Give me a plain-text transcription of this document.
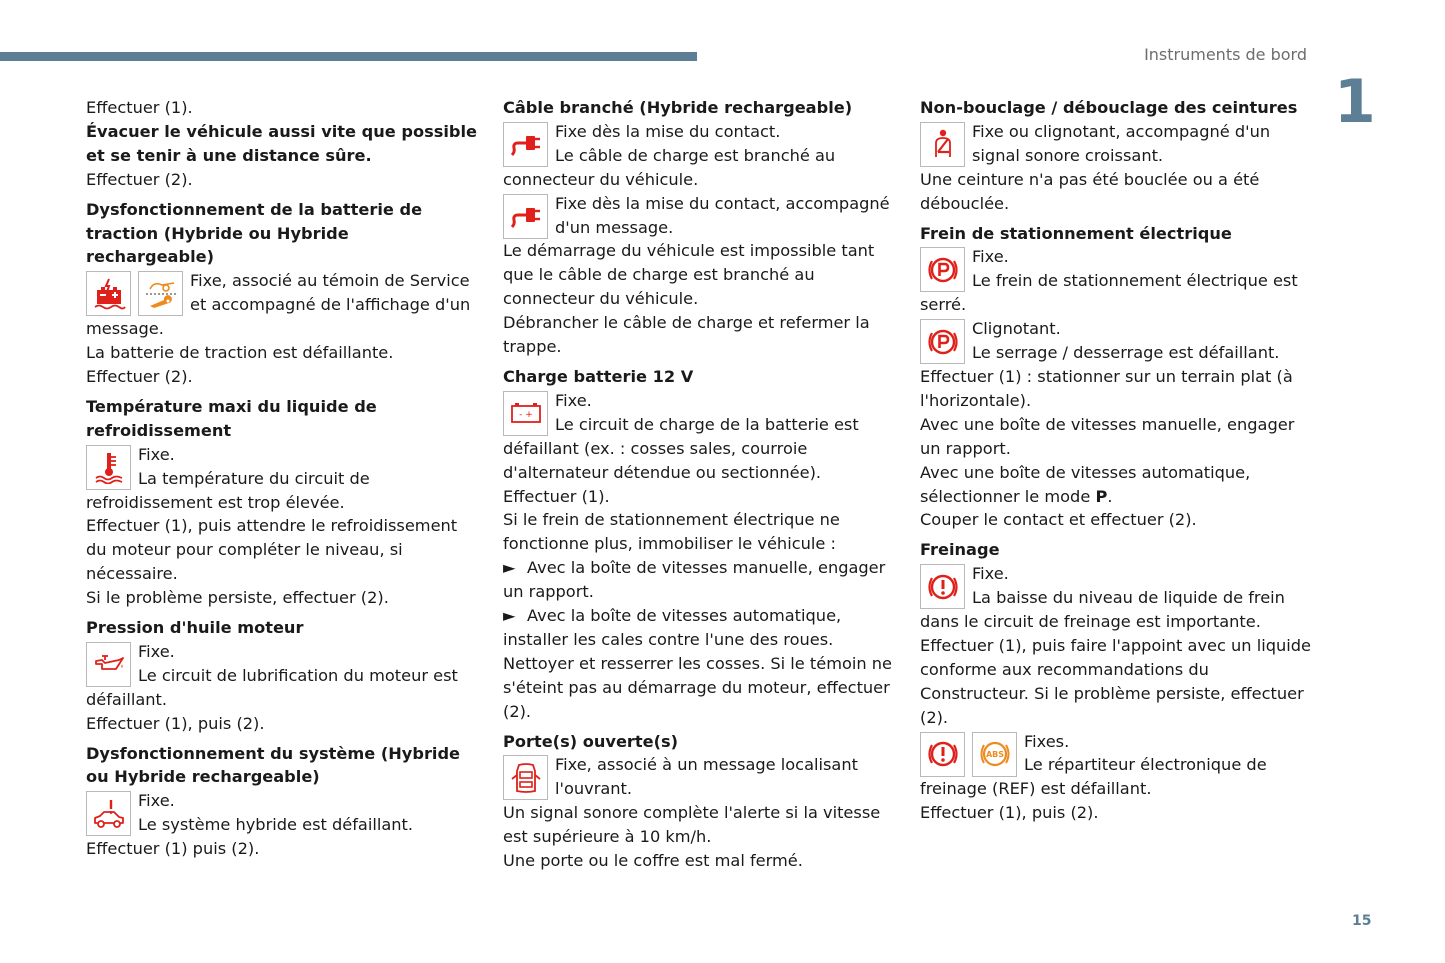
Instruments de bord
1
15

Effectuer (1).

Évacuer le véhicule aussi vite que possible et se tenir à une distance sûre.

Effectuer (2).

Dysfonctionnement de la batterie de traction (Hybride ou Hybride rechargeable)
Fixe, associé au témoin de Service et accompagné de l'affichage d'un message.

La batterie de traction est défaillante.

Effectuer (2).

Température maxi du liquide de refroidissement
Fixe.
La température du circuit de refroidissement est trop élevée.

Effectuer (1), puis attendre le refroidissement du moteur pour compléter le niveau, si nécessaire.

Si le problème persiste, effectuer (2).

Pression d'huile moteur
Fixe.
Le circuit de lubrification du moteur est défaillant.

Effectuer (1), puis (2).

Dysfonctionnement du système (Hybride ou Hybride rechargeable)
Fixe.
Le système hybride est défaillant.

Effectuer (1) puis (2).

Câble branché (Hybride rechargeable)
Fixe dès la mise du contact.
Le câble de charge est branché au connecteur du véhicule.
Fixe dès la mise du contact, accompagné d'un message.

Le démarrage du véhicule est impossible tant que le câble de charge est branché au connecteur du véhicule.

Débrancher le câble de charge et refermer la trappe.

Charge batterie 12 V
- +
Fixe.
Le circuit de charge de la batterie est défaillant (ex. : cosses sales, courroie d'alternateur détendue ou sectionnée).

Effectuer (1).

Si le frein de stationnement électrique ne fonctionne plus, immobiliser le véhicule :

► Avec la boîte de vitesses manuelle, engager un rapport.

► Avec la boîte de vitesses automatique, installer les cales contre l'une des roues.

Nettoyer et resserrer les cosses. Si le témoin ne s'éteint pas au démarrage du moteur, effectuer (2).

Porte(s) ouverte(s)
Fixe, associé à un message localisant l'ouvrant.

Un signal sonore complète l'alerte si la vitesse est supérieure à 10 km/h.

Une porte ou le coffre est mal fermé.

Non-bouclage / débouclage des ceintures
Fixe ou clignotant, accompagné d'un signal sonore croissant.

Une ceinture n'a pas été bouclée ou a été débouclée.

Frein de stationnement électrique
Fixe.
Le frein de stationnement électrique est serré.
Clignotant.
Le serrage / desserrage est défaillant.

Effectuer (1) : stationner sur un terrain plat (à l'horizontale).

Avec une boîte de vitesses manuelle, engager un rapport.

Avec une boîte de vitesses automatique, sélectionner le mode P.

Couper le contact et effectuer (2).

Freinage
Fixe.
La baisse du niveau de liquide de frein dans le circuit de freinage est importante.

Effectuer (1), puis faire l'appoint avec un liquide conforme aux recommandations du Constructeur. Si le problème persiste, effectuer (2).

ABS
Fixes.
Le répartiteur électronique de freinage (REF) est défaillant.

Effectuer (1), puis (2).
